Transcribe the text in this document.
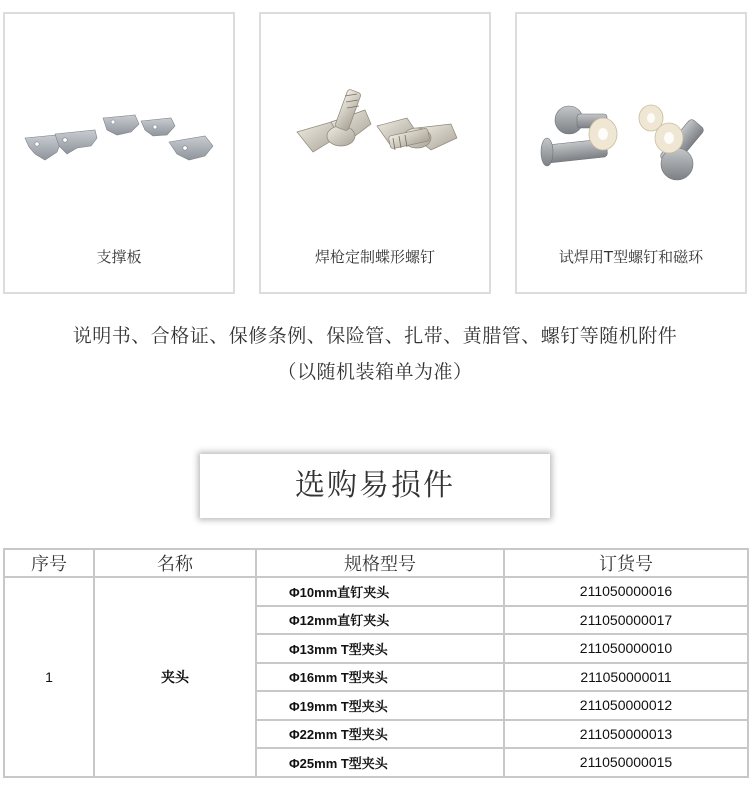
支撑板	焊枪定制蝶形螺钉	试焊用T型螺钉和磁环
说明书、合格证、保修条例、保险管、扎带、黄腊管、螺钉等随机附件
（以随机装箱单为准）
选购易损件
序号	名称	规格型号	订货号
1	夹头	Φ10mm直钉夹头	211050000016
		Φ12mm直钉夹头	211050000017
		Φ13mm T型夹头	211050000010
		Φ16mm T型夹头	211050000011
		Φ19mm T型夹头	211050000012
		Φ22mm T型夹头	211050000013
		Φ25mm T型夹头	211050000015
